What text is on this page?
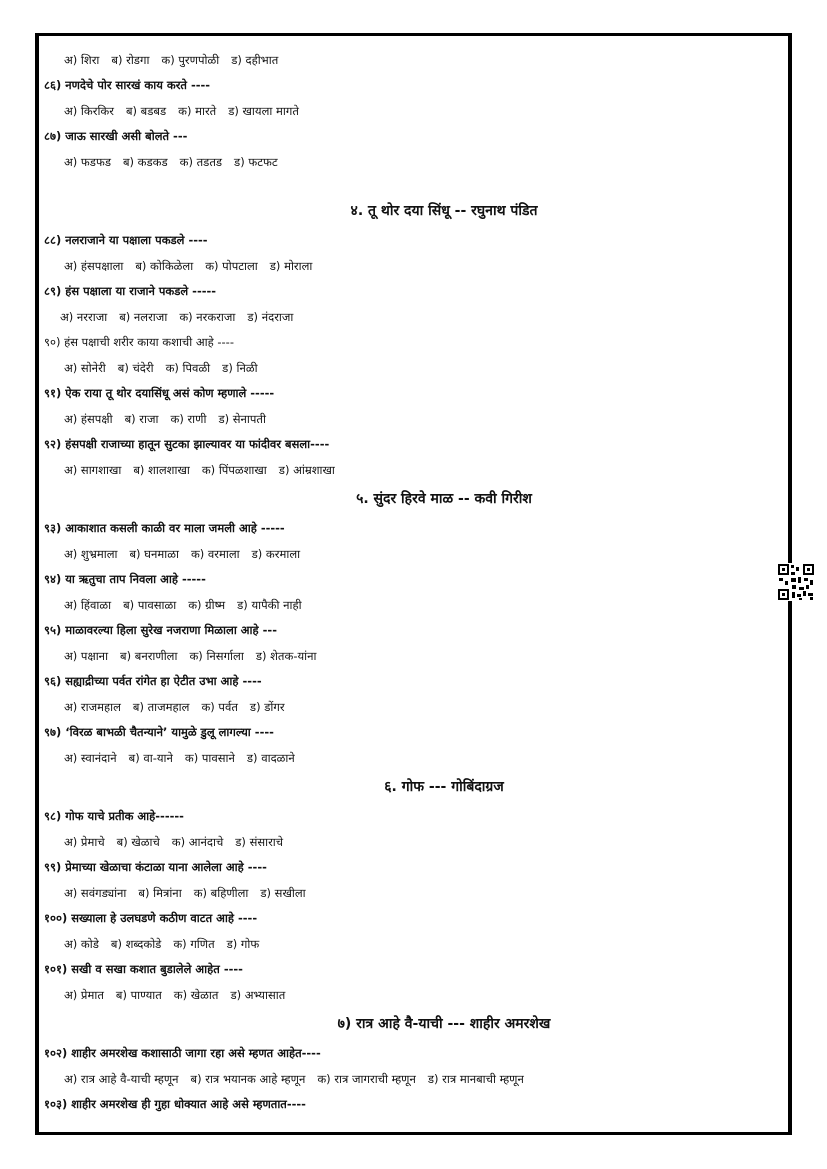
अ) शिरा ब) रोडगा क) पुरणपोळी ड) दहीभात
८६) नणदेचे पोर सारखं काय करते ----
अ) किरकिर ब) बडबड क) मारते ड) खायला मागते
८७) जाऊ सारखी असी बोलते ---
अ) फडफड ब) कडकड क) तडतड ड) फटफट
४. तू थोर दया सिंधू -- रघुनाथ पंडित
८८) नलराजाने या पक्षाला पकडले ----
अ) हंसपक्षाला ब) कोकिळेला क) पोपटाला ड) मोराला
८९) हंस पक्षाला या राजाने पकडले -----
अ) नरराजा ब) नलराजा क) नरकराजा ड) नंदराजा
९०) हंस पक्षाची शरीर काया कशाची आहे ----
अ) सोनेरी ब) चंदेरी क) पिवळी ड) निळी
९१) ऐक राया तू थोर दयासिंधू असं कोण म्हणाले -----
अ) हंसपक्षी ब) राजा क) राणी ड) सेनापती
९२) हंसपक्षी राजाच्या हातून सुटका झाल्यावर या फांदीवर बसला----
अ) सागशाखा ब) शालशाखा क) पिंपळशाखा ड) आंम्रशाखा
५. सुंदर हिरवे माळ -- कवी गिरीश
९३) आकाशात कसली काळी वर माला जमली आहे -----
अ) शुभ्रमाला ब) घनमाळा क) वरमाला ड) करमाला
९४) या ऋतुचा ताप निवला आहे -----
अ) हिंवाळा ब) पावसाळा क) ग्रीष्म ड) यापैकी नाही
९५) माळावरल्या हिला सुरेख नजराणा मिळाला आहे ---
अ) पक्षाना ब) बनराणीला क) निसर्गाला ड) शेतक-यांना
९६) सह्याद्रीच्या पर्वत रांगेत हा ऐटीत उभा आहे ----
अ) राजमहाल ब) ताजमहाल क) पर्वत ड) डोंगर
९७) ‘विरळ बाभळी चैतन्याने’ यामुळे डुलू लागल्या ----
अ) स्वानंदाने ब) वा-याने क) पावसाने ड) वादळाने
६. गोफ --- गोबिंदाग्रज
९८) गोफ याचे प्रतीक आहे------
अ) प्रेमाचे ब) खेळाचे क) आनंदाचे ड) संसाराचे
९९) प्रेमाच्या खेळाचा कंटाळा याना आलेला आहे ----
अ) सवंगड्यांना ब) मित्रांना क) बहिणीला ड) सखीला
१००) सख्याला हे उलघडणे कठीण वाटत आहे ----
अ) कोडे ब) शब्दकोडे क) गणित ड) गोफ
१०१) सखी व सखा कशात बुडालेले आहेत ----
अ) प्रेमात ब) पाण्यात क) खेळात ड) अभ्यासात
७) रात्र आहे वै-याची --- शाहीर अमरशेख
१०२) शाहीर अमरशेख कशासाठी जागा रहा असे म्हणत आहेत----
अ) रात्र आहे वै-याची म्हणून ब) रात्र भयानक आहे म्हणून क) रात्र जागराची म्हणून ड) रात्र मानबाची म्हणून
१०३) शाहीर अमरशेख ही गुहा धोक्यात आहे असे म्हणतात----
